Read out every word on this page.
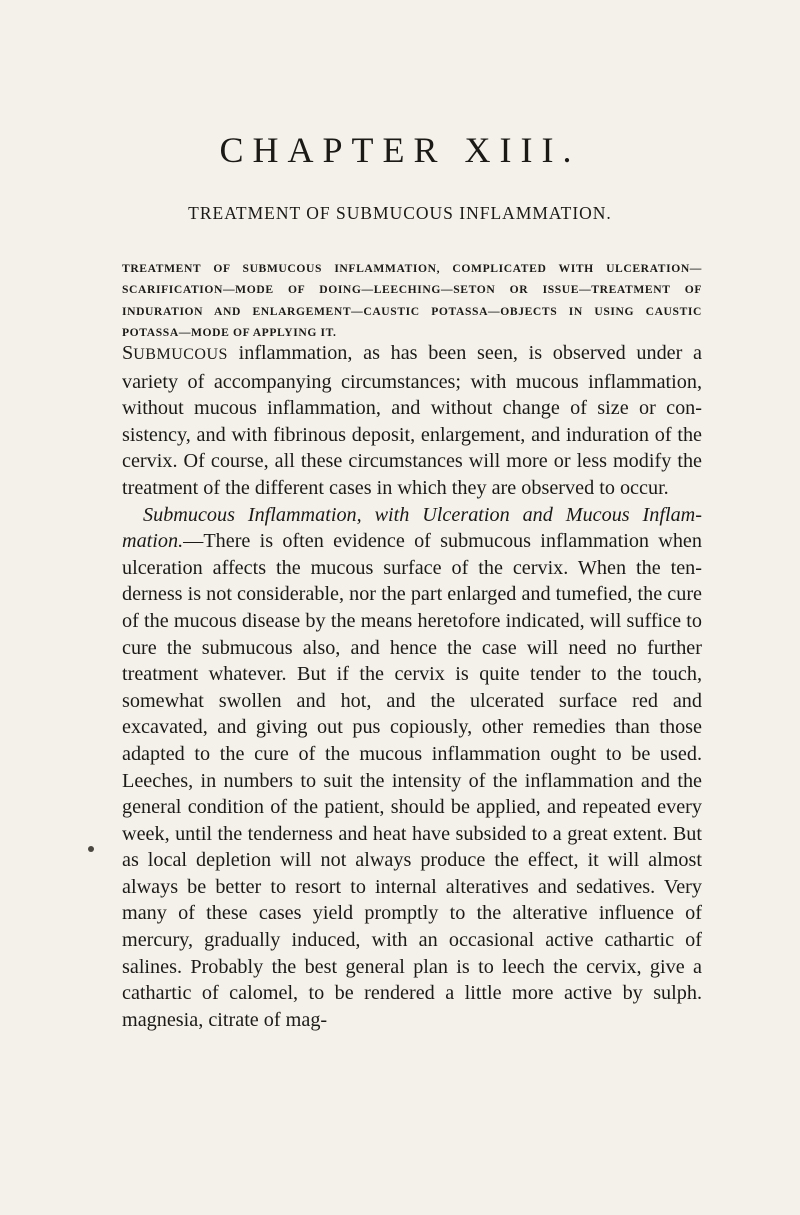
CHAPTER XIII.
TREATMENT OF SUBMUCOUS INFLAMMATION.

TREATMENT OF SUBMUCOUS INFLAMMATION, COMPLICATED WITH ULCERATION— SCARIFICATION—MODE OF DOING—LEECHING—SETON OR ISSUE—TREATMENT OF INDURATION AND ENLARGEMENT—CAUSTIC POTASSA—OBJECTS IN USING CAUSTIC POTASSA—MODE OF APPLYING IT.

SUBMUCOUS inflammation, as has been seen, is observed under a variety of accompanying circumstances; with mucous inflammation, without mucous inflammation, and without change of size or consistency, and with fibrinous deposit, enlargement, and induration of the cervix. Of course, all these circumstances will more or less modify the treatment of the different cases in which they are observed to occur.

Submucous Inflammation, with Ulceration and Mucous Inflammation.—There is often evidence of submucous inflammation when ulceration affects the mucous surface of the cervix. When the tenderness is not considerable, nor the part enlarged and tumefied, the cure of the mucous disease by the means heretofore indicated, will suffice to cure the submucous also, and hence the case will need no further treatment whatever. But if the cervix is quite tender to the touch, somewhat swollen and hot, and the ulcerated surface red and excavated, and giving out pus copiously, other remedies than those adapted to the cure of the mucous inflammation ought to be used. Leeches, in numbers to suit the intensity of the inflammation and the general condition of the patient, should be applied, and repeated every week, until the tenderness and heat have subsided to a great extent. But as local depletion will not always produce the effect, it will almost always be better to resort to internal alteratives and sedatives. Very many of these cases yield promptly to the alterative influence of mercury, gradually induced, with an occasional active cathartic of salines. Probably the best general plan is to leech the cervix, give a cathartic of calomel, to be rendered a little more active by sulph. magnesia, citrate of mag-
